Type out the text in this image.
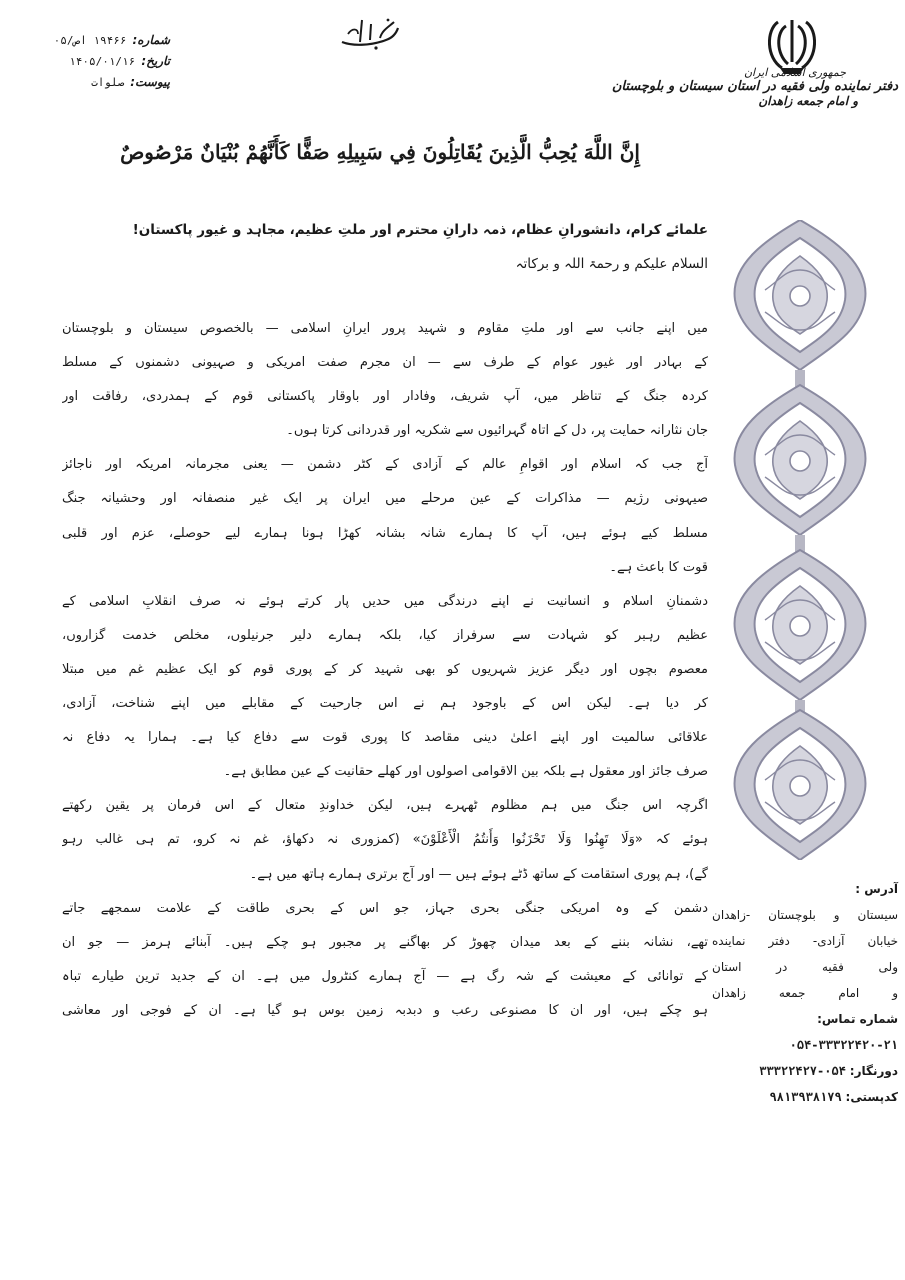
شماره:
۱۹۴۶۶ اص/۰۵
تاریخ:
۱۴۰۵/۰۱/۱۶
پیوست:
صلوات
جمهوری اسلامی ایران
دفتر نماینده ولی فقیه در استان سیستان و بلوچستان
و امام جمعه زاهدان
إِنَّ اللَّهَ يُحِبُّ الَّذِينَ يُقَاتِلُونَ فِي سَبِيلِهِ صَفًّا كَأَنَّهُمْ بُنْيَانٌ مَرْصُوصٌ
علمائے کرام، دانشورانِ عظام، ذمہ دارانِ محترم اور ملتِ عظیم، مجاہد و غیور پاکستان!
السلام علیکم و رحمۃ اللہ و برکاتہ
میں اپنے جانب سے اور ملتِ مقاوم و شہید پرور ایرانِ اسلامی — بالخصوص سیستان و بلوچستان
کے بہادر اور غیور عوام کے طرف سے — ان مجرم صفت امریکی و صہیونی دشمنوں کے مسلط
کردہ جنگ کے تناظر میں، آپ شریف، وفادار اور باوقار پاکستانی قوم کے ہمدردی، رفاقت اور
جان نثارانہ حمایت پر، دل کے اتاہ گہرائیوں سے شکریہ اور قدردانی کرتا ہوں۔
آج جب کہ اسلام اور اقوامِ عالم کے آزادی کے کٹر دشمن — یعنی مجرمانہ امریکہ اور ناجائز
صیہونی رژیم — مذاکرات کے عین مرحلے میں ایران پر ایک غیر منصفانہ اور وحشیانہ جنگ
مسلط کیے ہوئے ہیں، آپ کا ہمارے شانہ بشانہ کھڑا ہونا ہمارے لیے حوصلے، عزم اور قلبی
قوت کا باعث ہے۔
دشمنانِ اسلام و انسانیت نے اپنے درندگی میں حدیں پار کرتے ہوئے نہ صرف انقلابِ اسلامی کے
عظیم رہبر کو شہادت سے سرفراز کیا، بلکہ ہمارے دلیر جرنیلوں، مخلص خدمت گزاروں،
معصوم بچوں اور دیگر عزیز شہریوں کو بھی شہید کر کے پوری قوم کو ایک عظیم غم میں مبتلا
کر دیا ہے۔ لیکن اس کے باوجود ہم نے اس جارحیت کے مقابلے میں اپنے شناخت، آزادی،
علاقائی سالمیت اور اپنے اعلیٰ دینی مقاصد کا پوری قوت سے دفاع کیا ہے۔ ہمارا یہ دفاع نہ
صرف جائز اور معقول ہے بلکہ بین الاقوامی اصولوں اور کھلے حقانیت کے عین مطابق ہے۔
اگرچہ اس جنگ میں ہم مظلوم ٹھہرے ہیں، لیکن خداوندِ متعال کے اس فرمان پر یقین رکھتے
ہوئے کہ «وَلَا تَهِنُوا وَلَا تَحْزَنُوا وَأَنتُمُ الْأَعْلَوْنَ» (کمزوری نہ دکھاؤ، غم نہ کرو، تم ہی غالب رہو
گے)، ہم پوری استقامت کے ساتھ ڈٹے ہوئے ہیں — اور آج برتری ہمارے ہاتھ میں ہے۔
دشمن کے وہ امریکی جنگی بحری جہاز، جو اس کے بحری طاقت کے علامت سمجھے جاتے
تھے، نشانہ بننے کے بعد میدان چھوڑ کر بھاگنے پر مجبور ہو چکے ہیں۔ آبنائے ہرمز — جو ان
کے توانائی کے معیشت کے شہ رگ ہے — آج ہمارے کنٹرول میں ہے۔ ان کے جدید ترین طیارے تباہ
ہو چکے ہیں، اور ان کا مصنوعی رعب و دبدبہ زمین بوس ہو گیا ہے۔ ان کے فوجی اور معاشی
آدرس :
سیستان و بلوچستان -زاهدان
خیابان آزادی- دفتر نماینده
ولی فقیه در استان
و امام جمعه زاهدان
شماره تماس:
۰۵۴-۳۳۳۲۲۴۲۰-۲۱
دورنگار: ۰۵۴-۳۳۳۲۲۴۲۷
کدپستی: ۹۸۱۳۹۳۸۱۷۹
